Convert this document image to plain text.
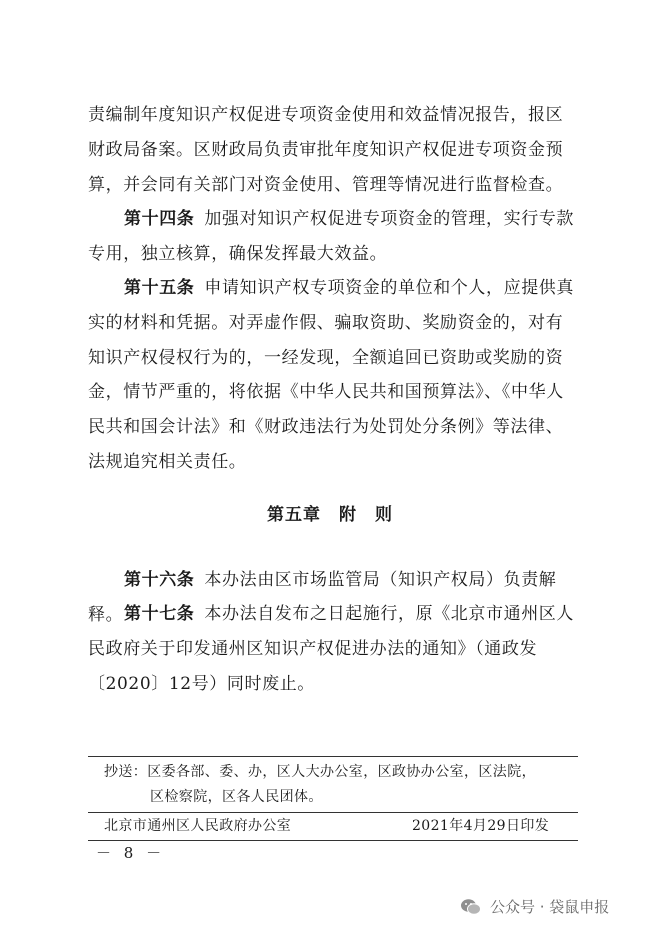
责编制年度知识产权促进专项资金使用和效益情况报告，报区财政局备案。区财政局负责审批年度知识产权促进专项资金预算，并会同有关部门对资金使用、管理等情况进行监督检查。

第十四条 加强对知识产权促进专项资金的管理，实行专款专用，独立核算，确保发挥最大效益。

第十五条 申请知识产权专项资金的单位和个人，应提供真实的材料和凭据。对弄虚作假、骗取资助、奖励资金的，对有知识产权侵权行为的，一经发现，全额追回已资助或奖励的资金，情节严重的，将依据《中华人民共和国预算法》、《中华人民共和国会计法》和《财政违法行为处罚处分条例》等法律、法规追究相关责任。

第五章 附 则

第十六条 本办法由区市场监管局（知识产权局）负责解释。 第十七条 本办法自发布之日起施行，原《北京市通州区人民政府关于印发通州区知识产权促进办法的通知》（通政发〔2020〕12号）同时废止。

抄送：区委各部、委、办，区人大办公室，区政协办公室，区法院，
区检察院，区各人民团体。
北京市通州区人民政府办公室	2021年4月29日印发
－ 8 －
公众号 · 袋鼠申报
